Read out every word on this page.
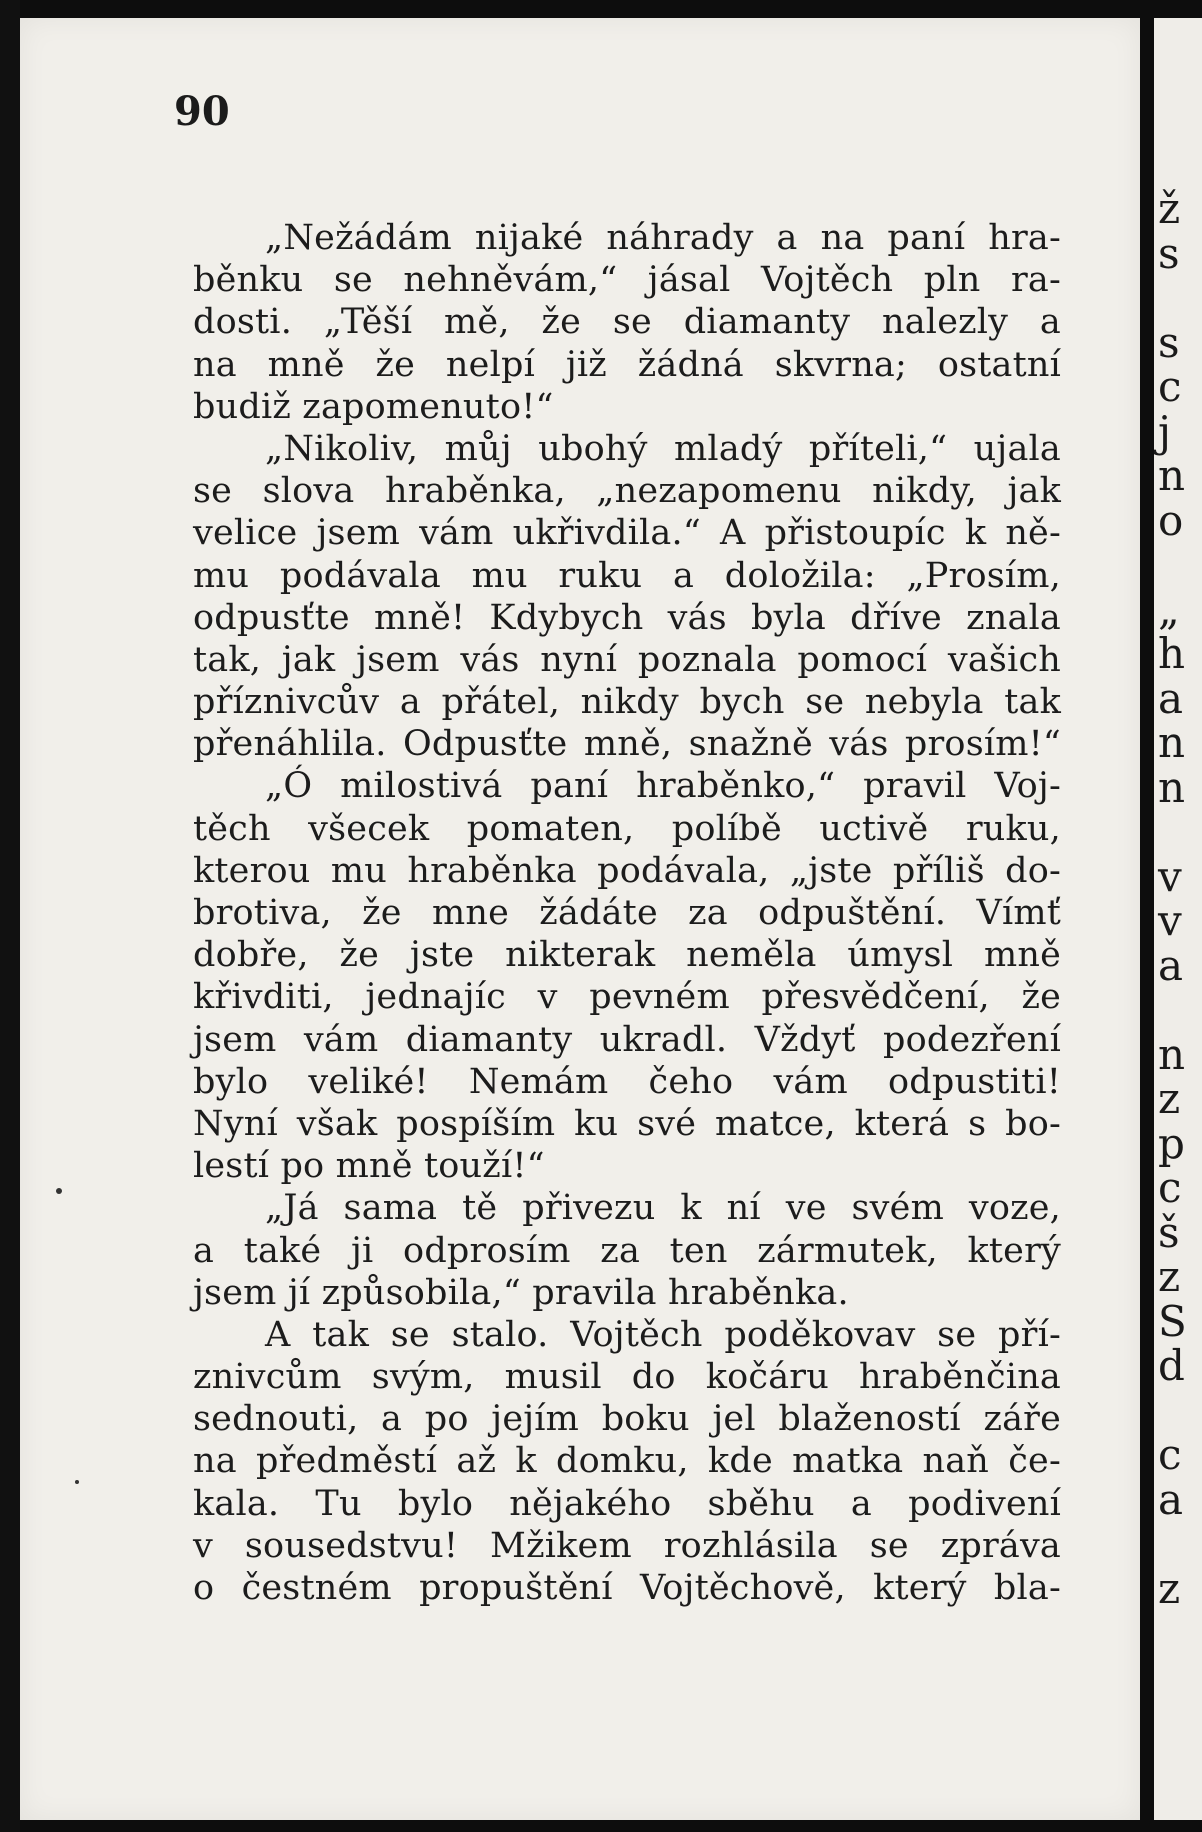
90
„Nežádám nijaké náhrady a na paní hra-
běnku se nehněvám,“ jásal Vojtěch pln ra-
dosti. „Těší mě, že se diamanty nalezly a
na mně že nelpí již žádná skvrna; ostatní
budiž zapomenuto!“
„Nikoliv, můj ubohý mladý příteli,“ ujala
se slova hraběnka, „nezapomenu nikdy, jak
velice jsem vám ukřivdila.“ A přistoupíc k ně-
mu podávala mu ruku a doložila: „Prosím,
odpusťte mně! Kdybych vás byla dříve znala
tak, jak jsem vás nyní poznala pomocí vašich
příznivcův a přátel, nikdy bych se nebyla tak
přenáhlila. Odpusťte mně, snažně vás prosím!“
„Ó milostivá paní hraběnko,“ pravil Voj-
těch všecek pomaten, políbě uctivě ruku,
kterou mu hraběnka podávala, „jste příliš do-
brotiva, že mne žádáte za odpuštění. Vímť
dobře, že jste nikterak neměla úmysl mně
křivditi, jednajíc v pevném přesvědčení, že
jsem vám diamanty ukradl. Vždyť podezření
bylo veliké! Nemám čeho vám odpustiti!
Nyní však pospíším ku své matce, která s bo-
lestí po mně touží!“
„Já sama tě přivezu k ní ve svém voze,
a také ji odprosím za ten zármutek, který
jsem jí způsobila,“ pravila hraběnka.
A tak se stalo. Vojtěch poděkovav se pří-
znivcům svým, musil do kočáru hraběnčina
sednouti, a po jejím boku jel blažeností záře
na předměstí až k domku, kde matka naň če-
kala. Tu bylo nějakého sběhu a podivení
v sousedstvu! Mžikem rozhlásila se zpráva
o čestném propuštění Vojtěchově, který bla-
ž
s
s
c
j
n
o
„
h
a
n
n
v
v
a
n
z
p
c
š
z
S
d
c
a
z
